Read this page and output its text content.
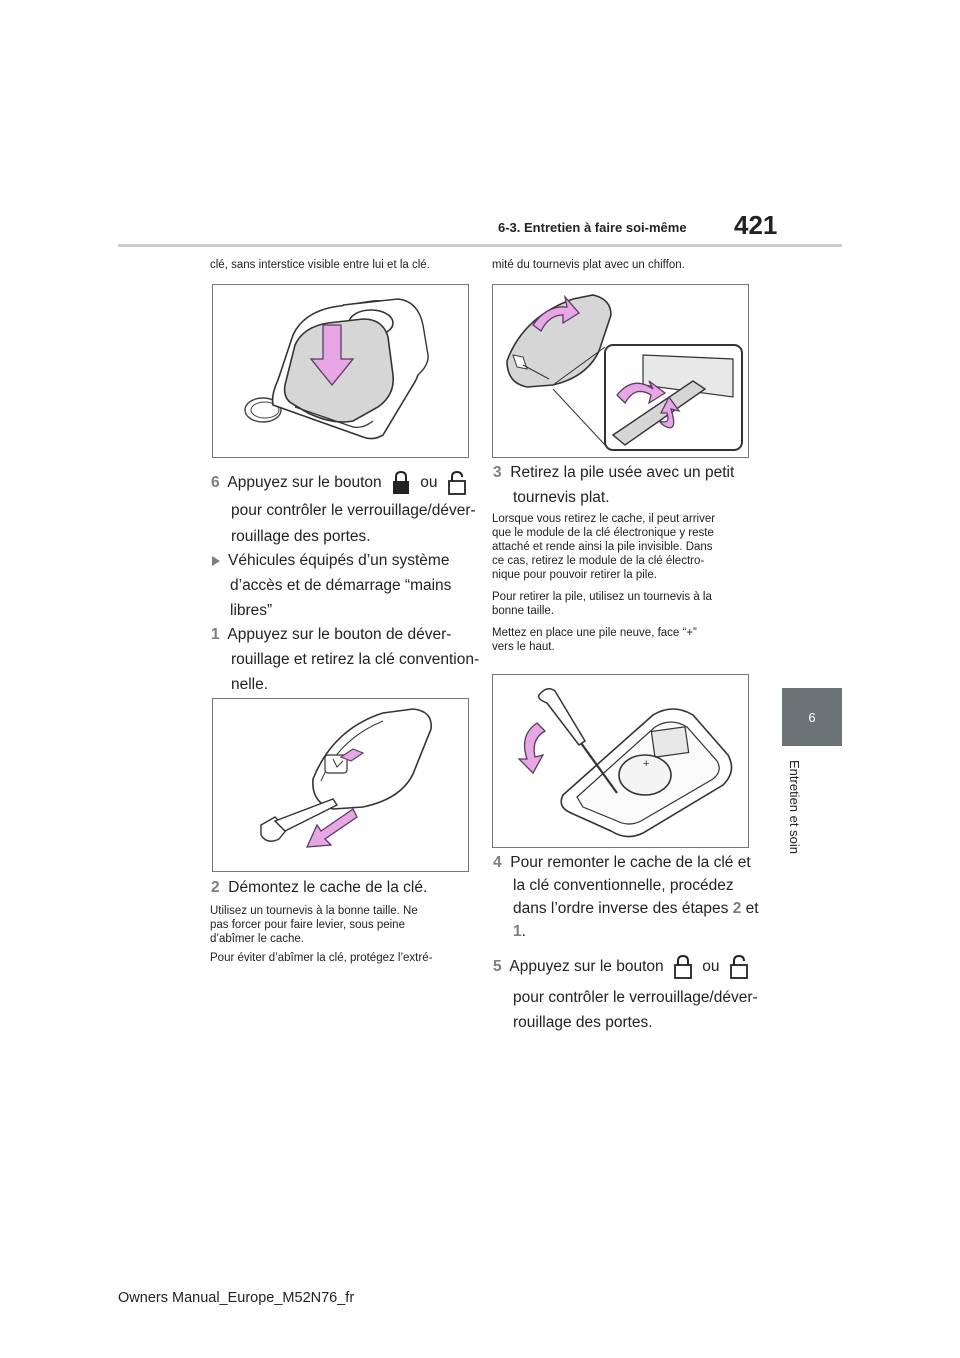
6-3. Entretien à faire soi-même 421
6
Entretien et soin

clé, sans interstice visible entre lui et la clé.

6 Appuyez sur le bouton ou

pour contrôler le verrouillage/déver-

rouillage des portes.

Véhicules équipés d’un système

d’accès et de démarrage “mains

libres”

1 Appuyez sur le bouton de déver-

rouillage et retirez la clé convention-

nelle.

2 Démontez le cache de la clé.

Utilisez un tournevis à la bonne taille. Ne

pas forcer pour faire levier, sous peine

d’abîmer le cache.

Pour éviter d’abîmer la clé, protégez l’extré-

mité du tournevis plat avec un chiffon.

3 Retirez la pile usée avec un petit

tournevis plat.

Lorsque vous retirez le cache, il peut arriver

que le module de la clé électronique y reste

attaché et rende ainsi la pile invisible. Dans

ce cas, retirez le module de la clé électro-

nique pour pouvoir retirer la pile.

Pour retirer la pile, utilisez un tournevis à la

bonne taille.

Mettez en place une pile neuve, face “+”

vers le haut.

+

4 Pour remonter le cache de la clé et

la clé conventionnelle, procédez

dans l’ordre inverse des étapes 2 et

1.

5 Appuyez sur le bouton ou

pour contrôler le verrouillage/déver-

rouillage des portes.

Owners Manual_Europe_M52N76_fr
